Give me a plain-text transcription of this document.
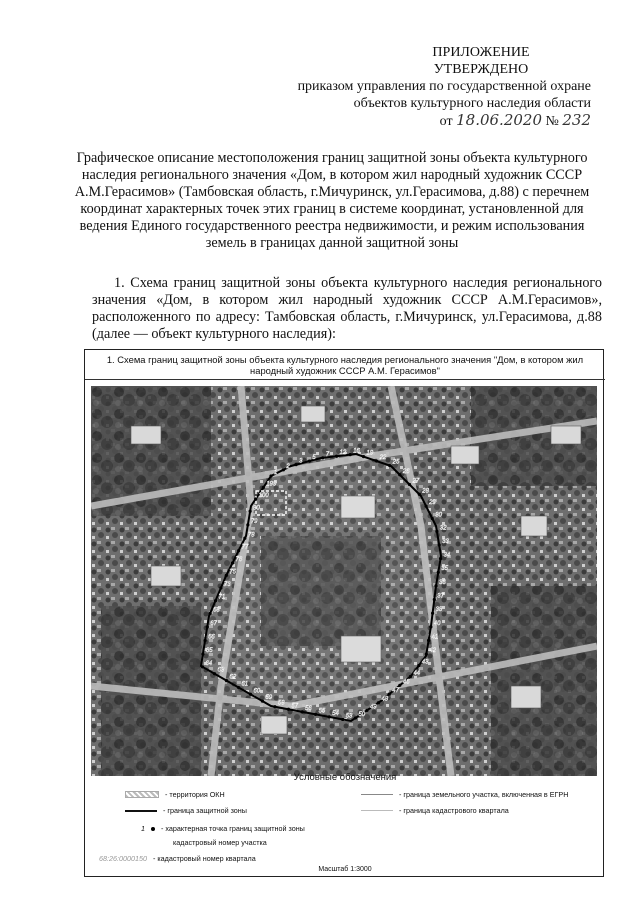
ПРИЛОЖЕНИЕ
УТВЕРЖДЕНО
приказом управления по государственной охране
объектов культурного наследия области
от 18.06.2020 № 232
Графическое описание местоположения границ защитной зоны объекта культурного наследия регионального значения «Дом, в котором жил народный художник СССР А.М.Герасимов» (Тамбовская область, г.Мичуринск, ул.Герасимова, д.88) с перечнем координат характерных точек этих границ в системе координат, установленной для ведения Единого государственного реестра недвижимости, и режим использования земель в границах данной защитной зоны
1. Схема границ защитной зоны объекта культурного наследия регионального значения «Дом, в котором жил народный художник СССР А.М.Герасимов», расположенного по адресу: Тамбовская область, г.Мичуринск, ул.Герасимова, д.88 (далее — объект культурного наследия):
1. Схема границ защитной зоны объекта культурного наследия регионального значения "Дом, в котором жил народный художник СССР А.М. Герасимов"
1
2
3
5
7 12 16 19
22
25
26
27
28
29
30
32
33
34
35
36
37
38
40
41
42
43
44
46
47
48
49
50
53
54
55
56
57
58
59
60
61
62
63
64
65
66
67
68
71
73
75
76
77
78
79
80
100
199
Условные обозначения
- территория ОКН
- граница защитной зоны
1 - характерная точка границ защитной зоны
кадастровый номер участка
68:26:0000150 - кадастровый номер квартала
- граница земельного участка, включенная в ЕГРН
- граница кадастрового квартала
Масштаб 1:3000
